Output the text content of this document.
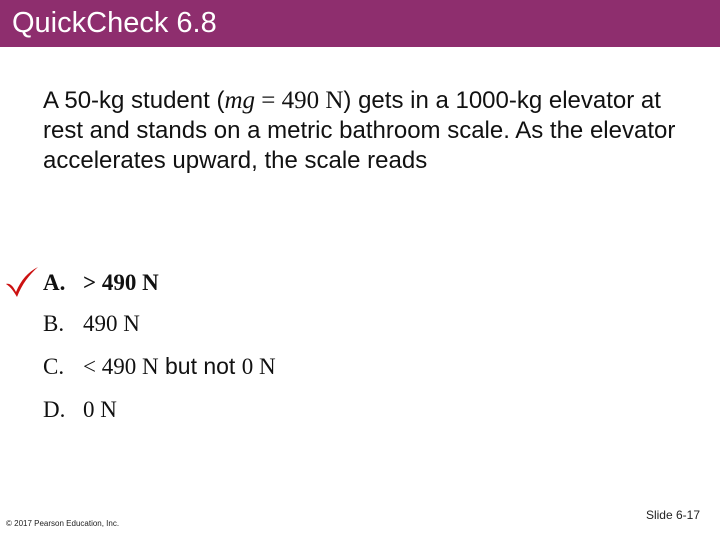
QuickCheck 6.8
A 50-kg student (mg = 490 N) gets in a 1000-kg elevator at rest and stands on a metric bathroom scale. As the elevator accelerates upward, the scale reads
A. > 490 N
B. 490 N
C. < 490 N but not 0 N
D. 0 N
© 2017 Pearson Education, Inc.
Slide 6-17
